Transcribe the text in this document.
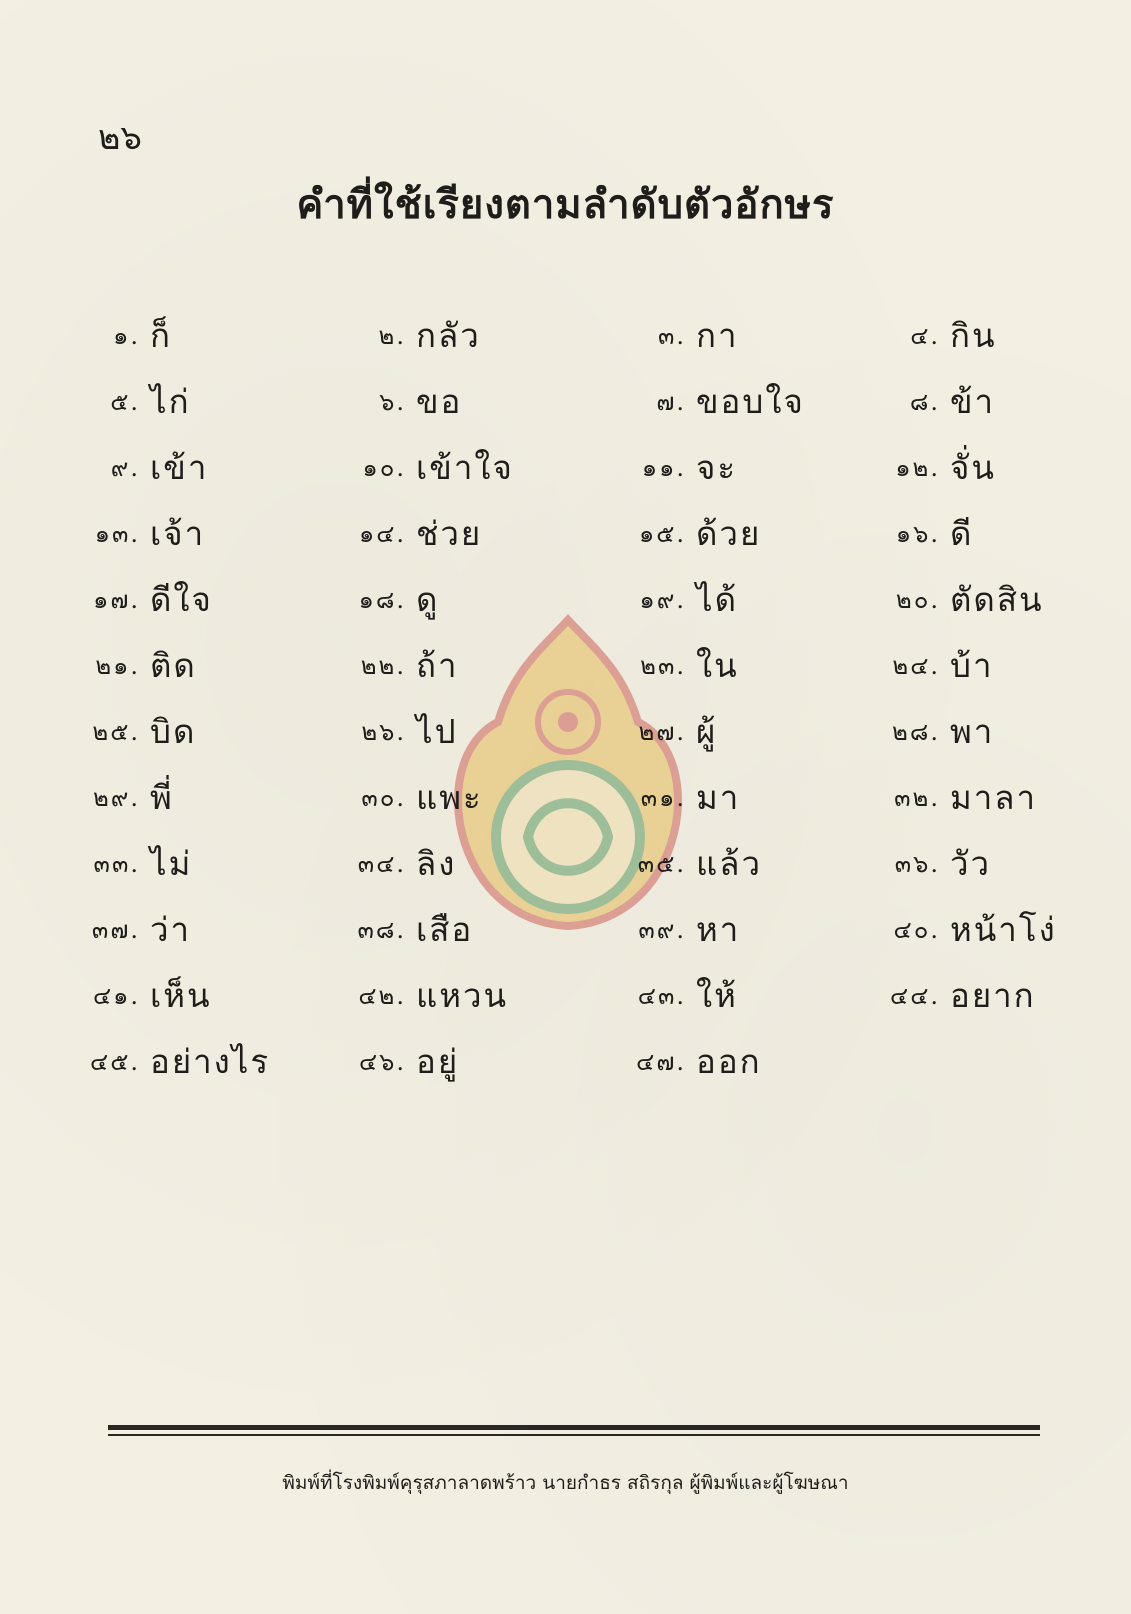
๒๖
คำที่ใช้เรียงตามลำดับตัวอักษร
๑. ก็	๒. กลัว	๓. กา	๔. กิน
๕. ไก่	๖. ขอ	๗. ขอบใจ	๘. ข้า
๙. เข้า	๑๐. เข้าใจ	๑๑. จะ	๑๒. จั่น
๑๓. เจ้า	๑๔. ช่วย	๑๕. ด้วย	๑๖. ดี
๑๗. ดีใจ	๑๘. ดู	๑๙. ได้	๒๐. ตัดสิน
๒๑. ติด	๒๒. ถ้า	๒๓. ใน	๒๔. บ้า
๒๕. บิด	๒๖. ไป	๒๗. ผู้	๒๘. พา
๒๙. พี่	๓๐. แพะ	๓๑. มา	๓๒. มาลา
๓๓. ไม่	๓๔. ลิง	๓๕. แล้ว	๓๖. วัว
๓๗. ว่า	๓๘. เสือ	๓๙. หา	๔๐. หน้าโง่
๔๑. เห็น	๔๒. แหวน	๔๓. ให้	๔๔. อยาก
๔๕. อย่างไร	๔๖. อยู่	๔๗. ออก
พิมพ์ที่โรงพิมพ์คุรุสภาลาดพร้าว นายกำธร สถิรกุล ผู้พิมพ์และผู้โฆษณา
